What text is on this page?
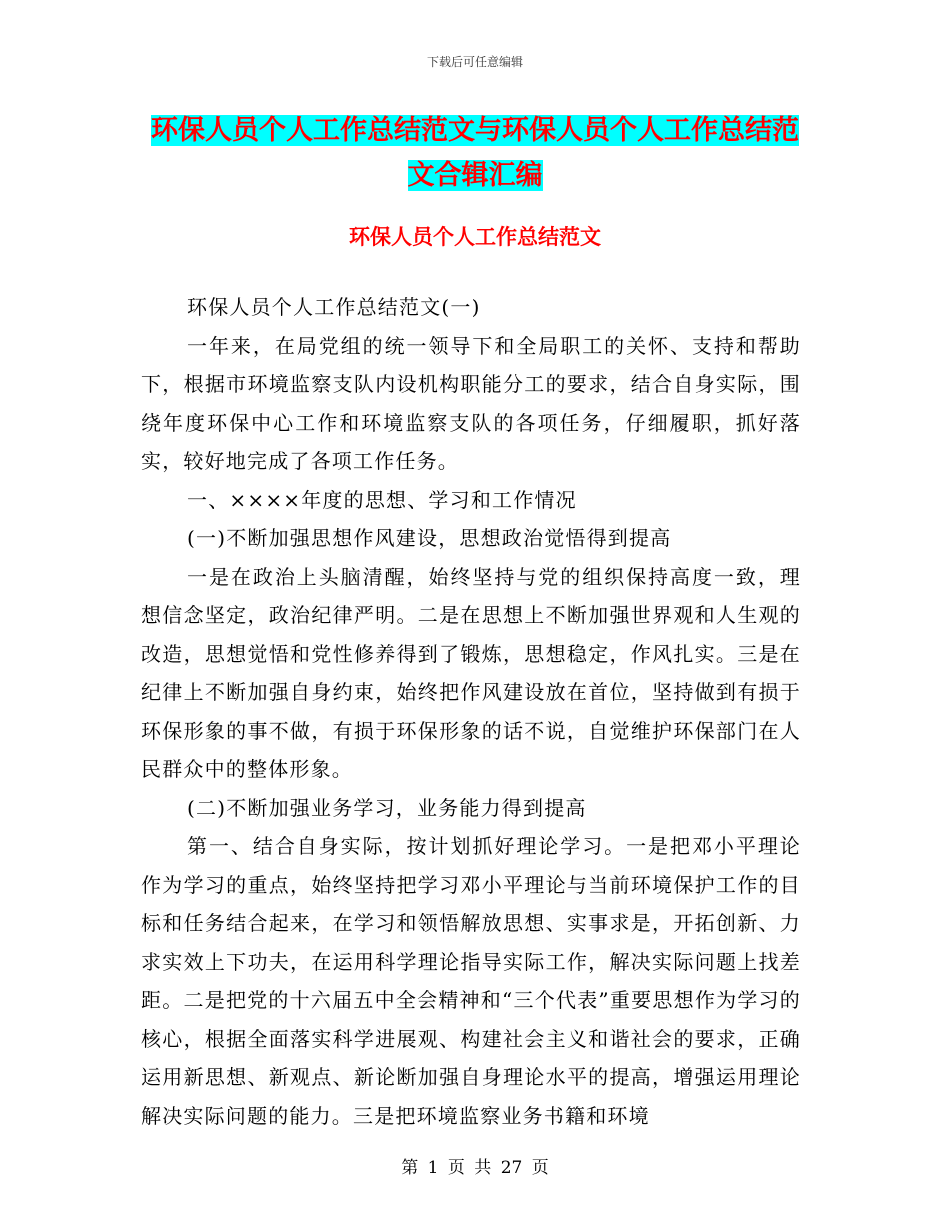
下载后可任意编辑
环保人员个人工作总结范文与环保人员个人工作总结范文合辑汇编
环保人员个人工作总结范文

环保人员个人工作总结范文(一)

一年来，在局党组的统一领导下和全局职工的关怀、支持和帮助下，根据市环境监察支队内设机构职能分工的要求，结合自身实际，围绕年度环保中心工作和环境监察支队的各项任务，仔细履职，抓好落实，较好地完成了各项工作任务。

一、××××年度的思想、学习和工作情况

(一)不断加强思想作风建设，思想政治觉悟得到提高

一是在政治上头脑清醒，始终坚持与党的组织保持高度一致，理想信念坚定，政治纪律严明。二是在思想上不断加强世界观和人生观的改造，思想觉悟和党性修养得到了锻炼，思想稳定，作风扎实。三是在纪律上不断加强自身约束，始终把作风建设放在首位，坚持做到有损于环保形象的事不做，有损于环保形象的话不说，自觉维护环保部门在人民群众中的整体形象。

(二)不断加强业务学习，业务能力得到提高

第一、结合自身实际，按计划抓好理论学习。一是把邓小平理论作为学习的重点，始终坚持把学习邓小平理论与当前环境保护工作的目标和任务结合起来，在学习和领悟解放思想、实事求是，开拓创新、力求实效上下功夫，在运用科学理论指导实际工作，解决实际问题上找差距。二是把党的十六届五中全会精神和“三个代表”重要思想作为学习的核心，根据全面落实科学进展观、构建社会主义和谐社会的要求，正确运用新思想、新观点、新论断加强自身理论水平的提高，增强运用理论解决实际问题的能力。三是把环境监察业务书籍和环境

第 1 页 共 27 页
